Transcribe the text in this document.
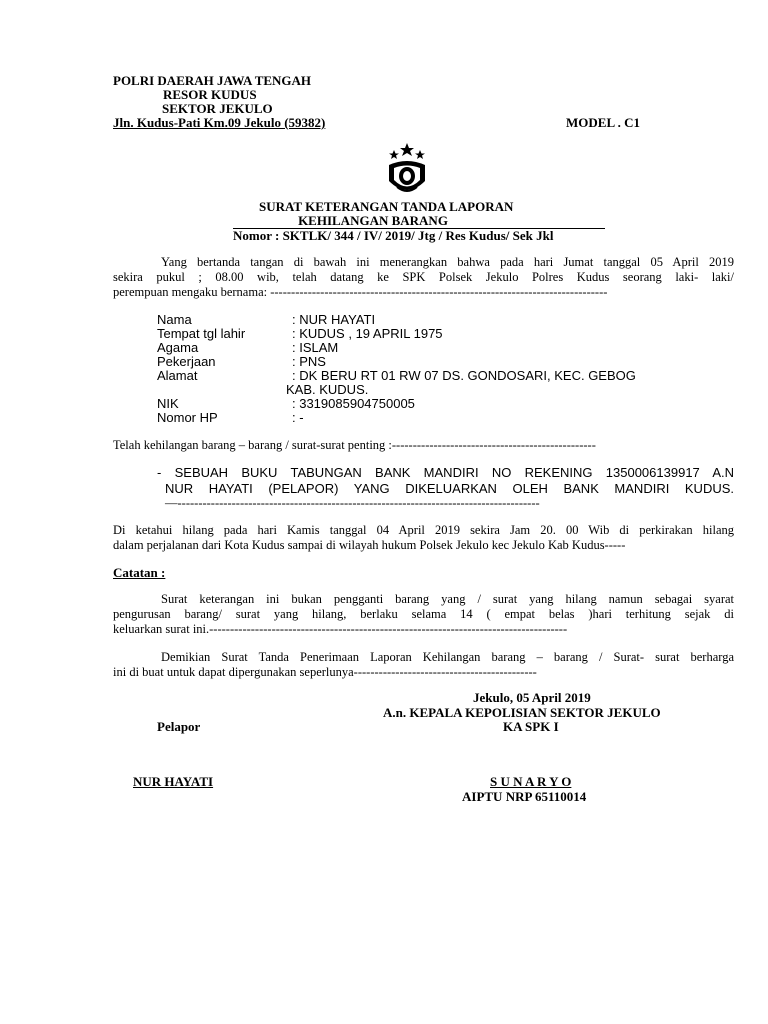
POLRI DAERAH JAWA TENGAH
RESOR KUDUS
SEKTOR JEKULO
Jln. Kudus-Pati Km.09 Jekulo (59382)	MODEL . C1
SURAT KETERANGAN TANDA LAPORAN
KEHILANGAN BARANG
Nomor : SKTLK/ 344 / IV/ 2019/ Jtg / Res Kudus/ Sek Jkl
Yang bertanda tangan di bawah ini menerangkan bahwa pada hari Jumat tanggal 05 April 2019
sekira pukul ; 08.00 wib, telah datang ke SPK Polsek Jekulo Polres Kudus seorang laki- laki/
perempuan mengaku bernama: ---------------------------------------------------------------------------------
Nama	: NUR HAYATI
Tempat tgl lahir	: KUDUS , 19 APRIL 1975
Agama	: ISLAM
Pekerjaan	: PNS
Alamat	: DK BERU RT 01 RW 07 DS. GONDOSARI, KEC. GEBOG
KAB. KUDUS.
NIK	: 3319085904750005
Nomor HP	: -
Telah kehilangan barang – barang / surat-surat penting :-------------------------------------------------
- SEBUAH BUKU TABUNGAN BANK MANDIRI NO REKENING 1350006139917 A.N
NUR HAYATI (PELAPOR) YANG DIKELUARKAN OLEH BANK MANDIRI KUDUS.
—---------------------------------------------------------------------------------------
Di ketahui hilang pada hari Kamis tanggal 04 April 2019 sekira Jam 20. 00 Wib di perkirakan hilang
dalam perjalanan dari Kota Kudus sampai di wilayah hukum Polsek Jekulo kec Jekulo Kab Kudus-----
Catatan :
Surat keterangan ini bukan pengganti barang yang / surat yang hilang namun sebagai syarat
pengurusan barang/ surat yang hilang, berlaku selama 14 ( empat belas )hari terhitung sejak di
keluarkan surat ini.--------------------------------------------------------------------------------------
Demikian Surat Tanda Penerimaan Laporan Kehilangan barang – barang / Surat- surat berharga
ini di buat untuk dapat dipergunakan seperlunya--------------------------------------------
Jekulo, 05 April 2019
A.n. KEPALA KEPOLISIAN SEKTOR JEKULO
Pelapor	KA SPK I
NUR HAYATI	S U N A R Y O
AIPTU NRP 65110014
